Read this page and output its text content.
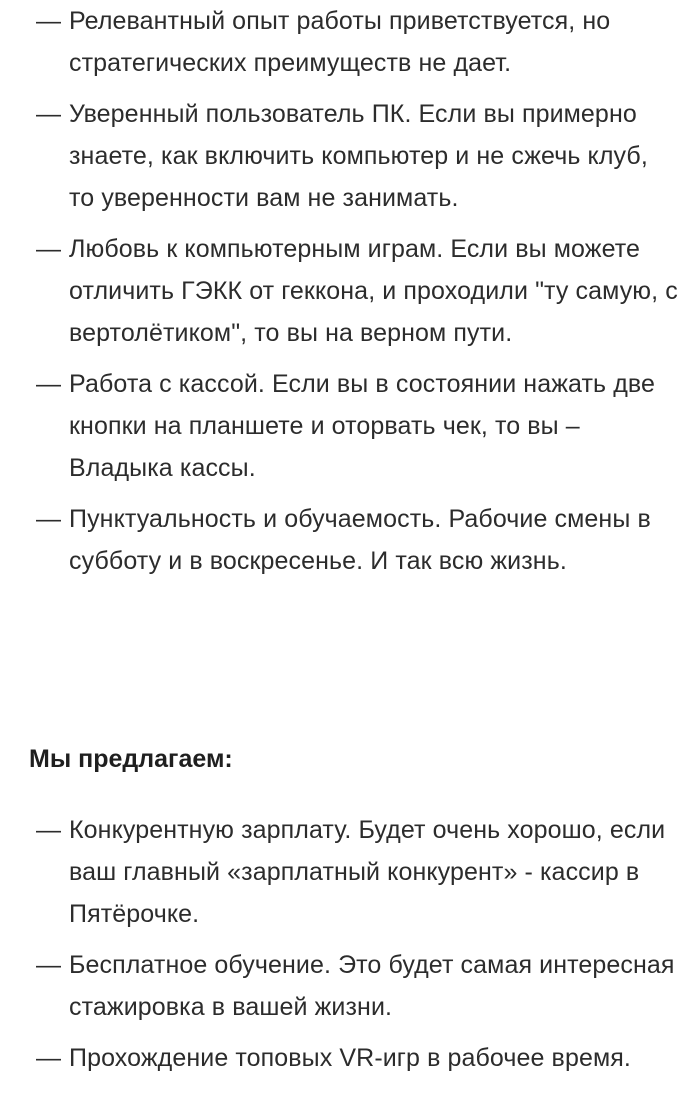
— Релевантный опыт работы приветствуется, но стратегических преимуществ не дает.
— Уверенный пользователь ПК. Если вы примерно знаете, как включить компьютер и не сжечь клуб, то уверенности вам не занимать.
— Любовь к компьютерным играм. Если вы можете отличить ГЭКК от геккона, и проходили "ту самую, с вертолётиком", то вы на верном пути.
— Работа с кассой. Если вы в состоянии нажать две кнопки на планшете и оторвать чек, то вы – Владыка кассы.
— Пунктуальность и обучаемость. Рабочие смены в субботу и в воскресенье. И так всю жизнь.
Мы предлагаем:
— Конкурентную зарплату. Будет очень хорошо, если ваш главный «зарплатный конкурент» - кассир в Пятёрочке.
— Бесплатное обучение. Это будет самая интересная стажировка в вашей жизни.
— Прохождение топовых VR-игр в рабочее время.
